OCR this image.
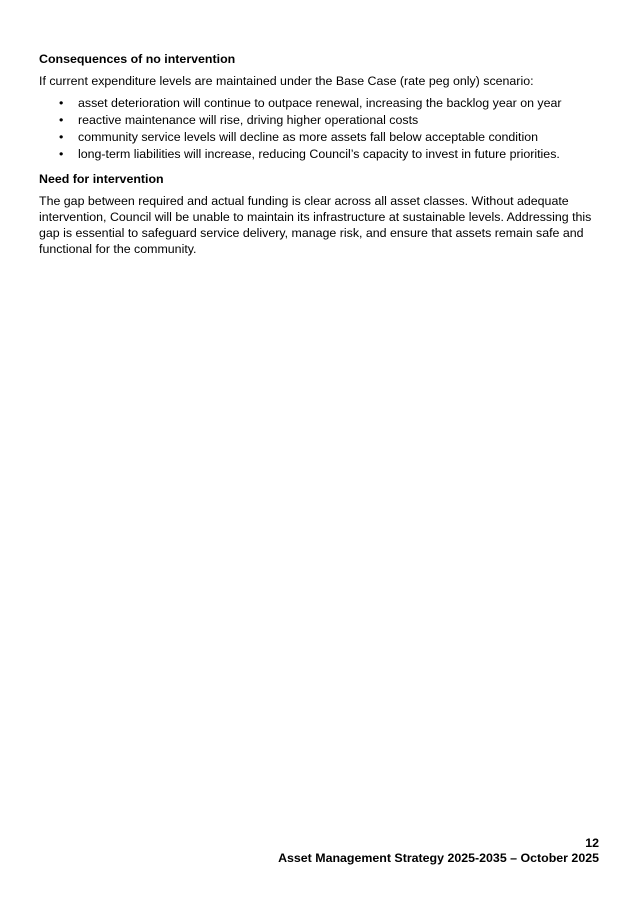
Consequences of no intervention

If current expenditure levels are maintained under the Base Case (rate peg only) scenario:

• asset deterioration will continue to outpace renewal, increasing the backlog year on year
• reactive maintenance will rise, driving higher operational costs
• community service levels will decline as more assets fall below acceptable condition
• long-term liabilities will increase, reducing Council’s capacity to invest in future priorities.

Need for intervention

The gap between required and actual funding is clear across all asset classes. Without adequate intervention, Council will be unable to maintain its infrastructure at sustainable levels. Addressing this gap is essential to safeguard service delivery, manage risk, and ensure that assets remain safe and functional for the community.

12
Asset Management Strategy 2025-2035 – October 2025
